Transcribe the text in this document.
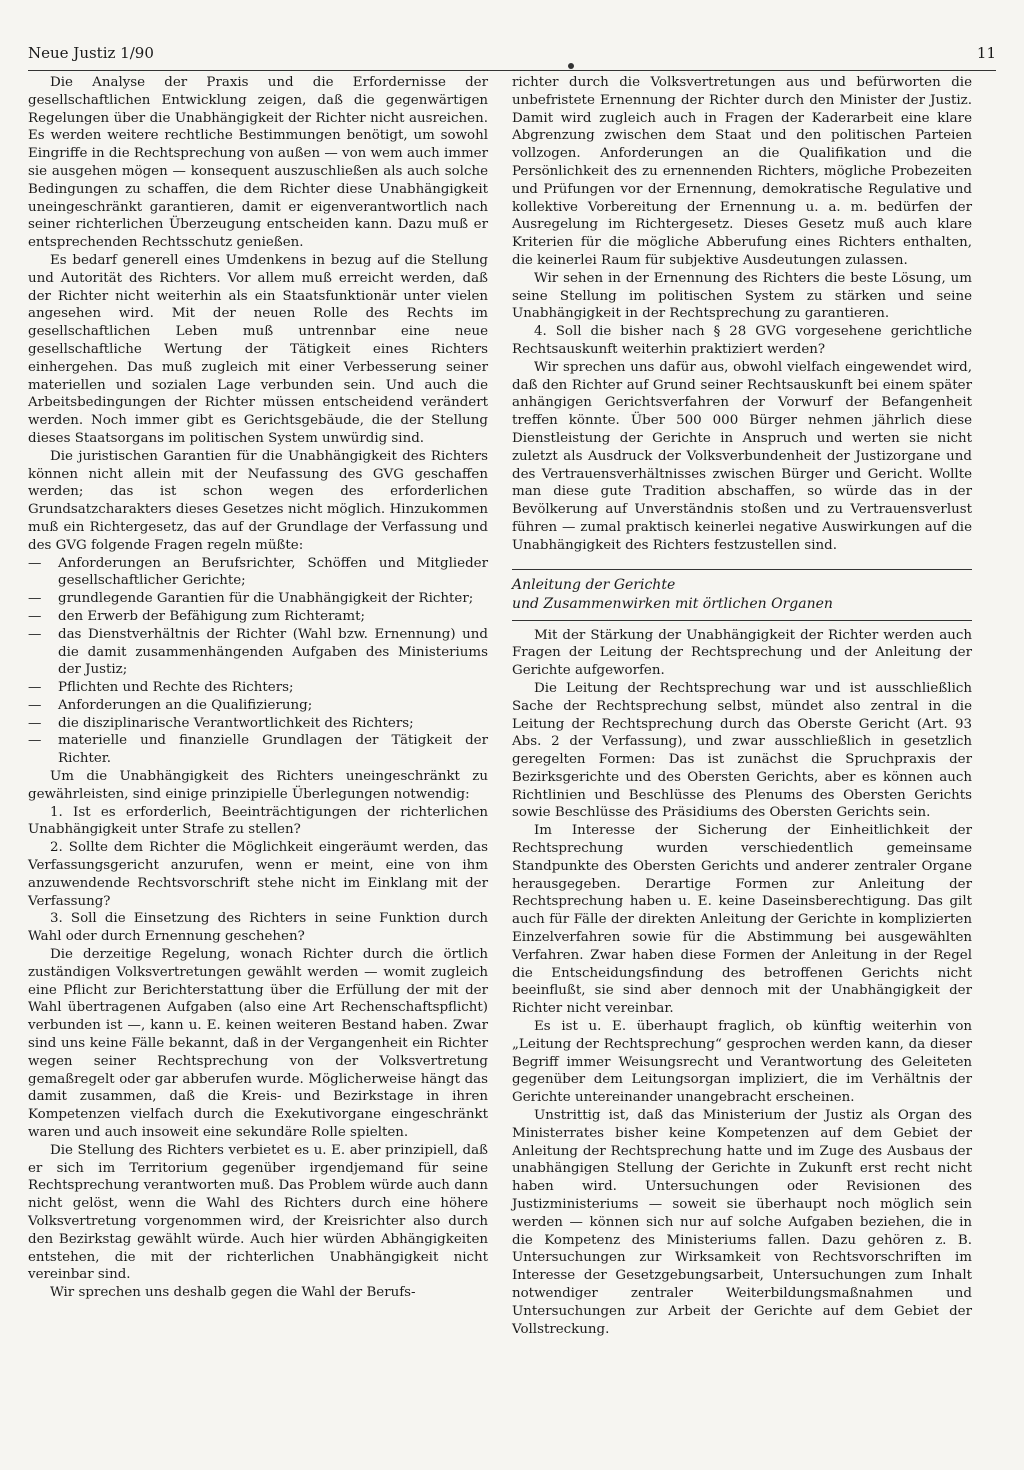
Neue Justiz 1/90	11

Die Analyse der Praxis und die Erfordernisse der gesellschaftlichen Entwicklung zeigen, daß die gegenwärtigen Regelungen über die Unabhängigkeit der Richter nicht ausreichen. Es werden weitere rechtliche Bestimmungen benötigt, um sowohl Eingriffe in die Rechtsprechung von außen — von wem auch immer sie ausgehen mögen — konsequent auszuschließen als auch solche Bedingungen zu schaffen, die dem Richter diese Unabhängigkeit uneingeschränkt garantieren, damit er eigenverantwortlich nach seiner richterlichen Überzeugung entscheiden kann. Dazu muß er entsprechenden Rechtsschutz genießen.

Es bedarf generell eines Umdenkens in bezug auf die Stellung und Autorität des Richters. Vor allem muß erreicht werden, daß der Richter nicht weiterhin als ein Staatsfunktionär unter vielen angesehen wird. Mit der neuen Rolle des Rechts im gesellschaftlichen Leben muß untrennbar eine neue gesellschaftliche Wertung der Tätigkeit eines Richters einhergehen. Das muß zugleich mit einer Verbesserung seiner materiellen und sozialen Lage verbunden sein. Und auch die Arbeitsbedingungen der Richter müssen entscheidend verändert werden. Noch immer gibt es Gerichtsgebäude, die der Stellung dieses Staatsorgans im politischen System unwürdig sind.

Die juristischen Garantien für die Unabhängigkeit des Richters können nicht allein mit der Neufassung des GVG geschaffen werden; das ist schon wegen des erforderlichen Grundsatzcharakters dieses Gesetzes nicht möglich. Hinzukommen muß ein Richtergesetz, das auf der Grundlage der Verfassung und des GVG folgende Fragen regeln müßte:

— Anforderungen an Berufsrichter, Schöffen und Mitglieder gesellschaftlicher Gerichte;
— grundlegende Garantien für die Unabhängigkeit der Richter;
— den Erwerb der Befähigung zum Richteramt;
— das Dienstverhältnis der Richter (Wahl bzw. Ernennung) und die damit zusammenhängenden Aufgaben des Ministeriums der Justiz;
— Pflichten und Rechte des Richters;
— Anforderungen an die Qualifizierung;
— die disziplinarische Verantwortlichkeit des Richters;
— materielle und finanzielle Grundlagen der Tätigkeit der Richter.

Um die Unabhängigkeit des Richters uneingeschränkt zu gewährleisten, sind einige prinzipielle Überlegungen notwendig:

1. Ist es erforderlich, Beeinträchtigungen der richterlichen Unabhängigkeit unter Strafe zu stellen?

2. Sollte dem Richter die Möglichkeit eingeräumt werden, das Verfassungsgericht anzurufen, wenn er meint, eine von ihm anzuwendende Rechtsvorschrift stehe nicht im Einklang mit der Verfassung?

3. Soll die Einsetzung des Richters in seine Funktion durch Wahl oder durch Ernennung geschehen?

Die derzeitige Regelung, wonach Richter durch die örtlich zuständigen Volksvertretungen gewählt werden — womit zugleich eine Pflicht zur Berichterstattung über die Erfüllung der mit der Wahl übertragenen Aufgaben (also eine Art Rechenschaftspflicht) verbunden ist —, kann u. E. keinen weiteren Bestand haben. Zwar sind uns keine Fälle bekannt, daß in der Vergangenheit ein Richter wegen seiner Rechtsprechung von der Volksvertretung gemaßregelt oder gar abberufen wurde. Möglicherweise hängt das damit zusammen, daß die Kreis- und Bezirkstage in ihren Kompetenzen vielfach durch die Exekutivorgane eingeschränkt waren und auch insoweit eine sekundäre Rolle spielten.

Die Stellung des Richters verbietet es u. E. aber prinzipiell, daß er sich im Territorium gegenüber irgendjemand für seine Rechtsprechung verantworten muß. Das Problem würde auch dann nicht gelöst, wenn die Wahl des Richters durch eine höhere Volksvertretung vorgenommen wird, der Kreisrichter also durch den Bezirkstag gewählt würde. Auch hier würden Abhängigkeiten entstehen, die mit der richterlichen Unabhängigkeit nicht vereinbar sind.

Wir sprechen uns deshalb gegen die Wahl der Berufs-

richter durch die Volksvertretungen aus und befürworten die unbefristete Ernennung der Richter durch den Minister der Justiz. Damit wird zugleich auch in Fragen der Kaderarbeit eine klare Abgrenzung zwischen dem Staat und den politischen Parteien vollzogen. Anforderungen an die Qualifikation und die Persönlichkeit des zu ernennenden Richters, mögliche Probezeiten und Prüfungen vor der Ernennung, demokratische Regulative und kollektive Vorbereitung der Ernennung u. a. m. bedürfen der Ausregelung im Richtergesetz. Dieses Gesetz muß auch klare Kriterien für die mögliche Abberufung eines Richters enthalten, die keinerlei Raum für subjektive Ausdeutungen zulassen.

Wir sehen in der Ernennung des Richters die beste Lösung, um seine Stellung im politischen System zu stärken und seine Unabhängigkeit in der Rechtsprechung zu garantieren.

4. Soll die bisher nach § 28 GVG vorgesehene gerichtliche Rechtsauskunft weiterhin praktiziert werden?

Wir sprechen uns dafür aus, obwohl vielfach eingewendet wird, daß den Richter auf Grund seiner Rechtsauskunft bei einem später anhängigen Gerichtsverfahren der Vorwurf der Befangenheit treffen könnte. Über 500 000 Bürger nehmen jährlich diese Dienstleistung der Gerichte in Anspruch und werten sie nicht zuletzt als Ausdruck der Volksverbundenheit der Justizorgane und des Vertrauensverhältnisses zwischen Bürger und Gericht. Wollte man diese gute Tradition abschaffen, so würde das in der Bevölkerung auf Unverständnis stoßen und zu Vertrauensverlust führen — zumal praktisch keinerlei negative Auswirkungen auf die Unabhängigkeit des Richters festzustellen sind.

Anleitung der Gerichte
und Zusammenwirken mit örtlichen Organen

Mit der Stärkung der Unabhängigkeit der Richter werden auch Fragen der Leitung der Rechtsprechung und der Anleitung der Gerichte aufgeworfen.

Die Leitung der Rechtsprechung war und ist ausschließlich Sache der Rechtsprechung selbst, mündet also zentral in die Leitung der Rechtsprechung durch das Oberste Gericht (Art. 93 Abs. 2 der Verfassung), und zwar ausschließlich in gesetzlich geregelten Formen: Das ist zunächst die Spruchpraxis der Bezirksgerichte und des Obersten Gerichts, aber es können auch Richtlinien und Beschlüsse des Plenums des Obersten Gerichts sowie Beschlüsse des Präsidiums des Obersten Gerichts sein.

Im Interesse der Sicherung der Einheitlichkeit der Rechtsprechung wurden verschiedentlich gemeinsame Standpunkte des Obersten Gerichts und anderer zentraler Organe herausgegeben. Derartige Formen zur Anleitung der Rechtsprechung haben u. E. keine Daseinsberechtigung. Das gilt auch für Fälle der direkten Anleitung der Gerichte in komplizierten Einzelverfahren sowie für die Abstimmung bei ausgewählten Verfahren. Zwar haben diese Formen der Anleitung in der Regel die Entscheidungsfindung des betroffenen Gerichts nicht beeinflußt, sie sind aber dennoch mit der Unabhängigkeit der Richter nicht vereinbar.

Es ist u. E. überhaupt fraglich, ob künftig weiterhin von „Leitung der Rechtsprechung“ gesprochen werden kann, da dieser Begriff immer Weisungsrecht und Verantwortung des Geleiteten gegenüber dem Leitungsorgan impliziert, die im Verhältnis der Gerichte untereinander unangebracht erscheinen.

Unstrittig ist, daß das Ministerium der Justiz als Organ des Ministerrates bisher keine Kompetenzen auf dem Gebiet der Anleitung der Rechtsprechung hatte und im Zuge des Ausbaus der unabhängigen Stellung der Gerichte in Zukunft erst recht nicht haben wird. Untersuchungen oder Revisionen des Justizministeriums — soweit sie überhaupt noch möglich sein werden — können sich nur auf solche Aufgaben beziehen, die in die Kompetenz des Ministeriums fallen. Dazu gehören z. B. Untersuchungen zur Wirksamkeit von Rechtsvorschriften im Interesse der Gesetzgebungsarbeit, Untersuchungen zum Inhalt notwendiger zentraler Weiterbildungsmaßnahmen und Untersuchungen zur Arbeit der Gerichte auf dem Gebiet der Vollstreckung.
